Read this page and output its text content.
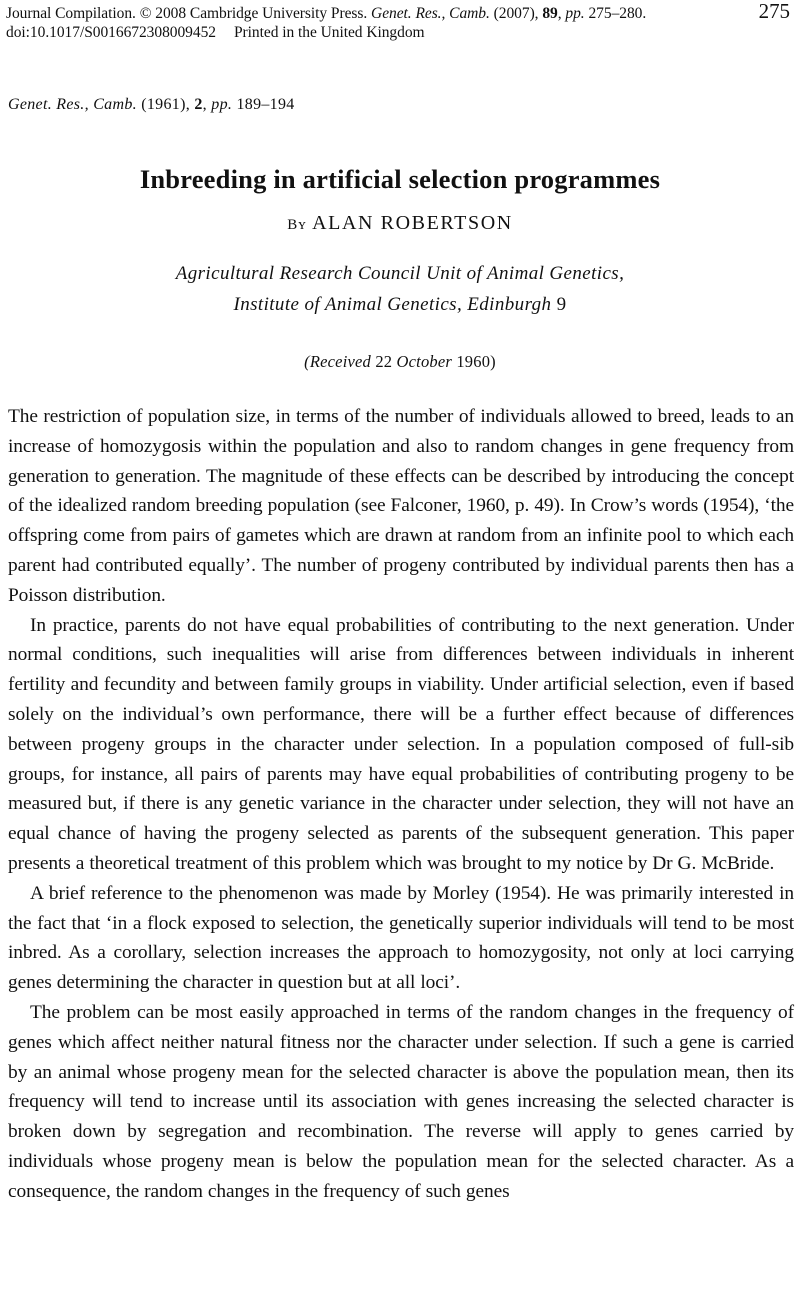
Journal Compilation. © 2008 Cambridge University Press. Genet. Res., Camb. (2007), 89, pp. 275–280.	275
doi:10.1017/S0016672308009452 Printed in the United Kingdom
Genet. Res., Camb. (1961), 2, pp. 189–194
Inbreeding in artificial selection programmes
Bʏ ALAN ROBERTSON
Agricultural Research Council Unit of Animal Genetics,
Institute of Animal Genetics, Edinburgh 9
(Received 22 October 1960)

The restriction of population size, in terms of the number of individuals allowed to breed, leads to an increase of homozygosis within the population and also to random changes in gene frequency from generation to generation. The magnitude of these effects can be described by introducing the concept of the idealized random breeding population (see Falconer, 1960, p. 49). In Crow’s words (1954), ‘the offspring come from pairs of gametes which are drawn at random from an infinite pool to which each parent had contributed equally’. The number of progeny contributed by individual parents then has a Poisson distribution.

In practice, parents do not have equal probabilities of contributing to the next generation. Under normal conditions, such inequalities will arise from differences between individuals in inherent fertility and fecundity and between family groups in viability. Under artificial selection, even if based solely on the individual’s own performance, there will be a further effect because of differences between progeny groups in the character under selection. In a population composed of full-sib groups, for instance, all pairs of parents may have equal probabilities of contributing progeny to be measured but, if there is any genetic variance in the character under selection, they will not have an equal chance of having the progeny selected as parents of the subsequent generation. This paper presents a theoretical treatment of this problem which was brought to my notice by Dr G. McBride.

A brief reference to the phenomenon was made by Morley (1954). He was primarily interested in the fact that ‘in a flock exposed to selection, the genetically superior individuals will tend to be most inbred. As a corollary, selection increases the approach to homozygosity, not only at loci carrying genes determining the character in question but at all loci’.

The problem can be most easily approached in terms of the random changes in the frequency of genes which affect neither natural fitness nor the character under selection. If such a gene is carried by an animal whose progeny mean for the selected character is above the population mean, then its frequency will tend to increase until its association with genes increasing the selected character is broken down by segregation and recombination. The reverse will apply to genes carried by individuals whose progeny mean is below the population mean for the selected character. As a consequence, the random changes in the frequency of such genes
